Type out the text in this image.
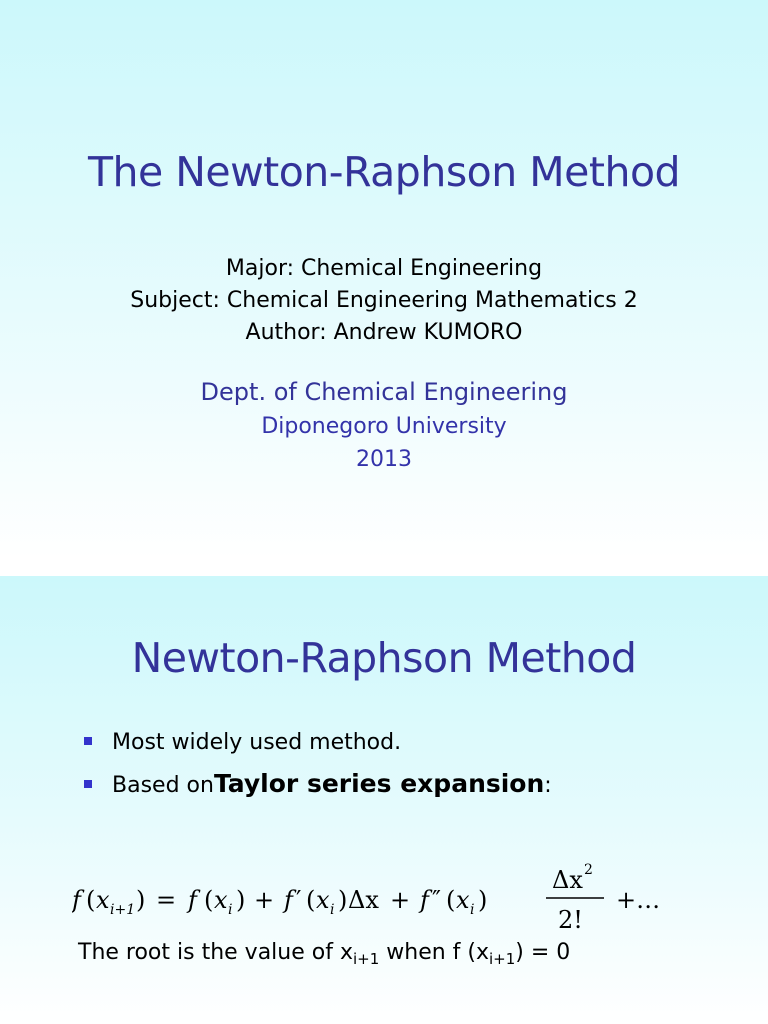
The Newton-Raphson Method
Major: Chemical Engineering
Subject: Chemical Engineering Mathematics 2
Author: Andrew KUMORO
Dept. of Chemical Engineering
Diponegoro University
2013
Newton-Raphson Method
Most widely used method.
Based on Taylor series expansion :
f ( x i+1 ) = f ( x i ) + f ′ ( x i ) Δx + f ″ ( x i )
Δx 2
2!
+…
The root is the value of $x_{i+1}$ when f $(x_{i+1}) = 0$
